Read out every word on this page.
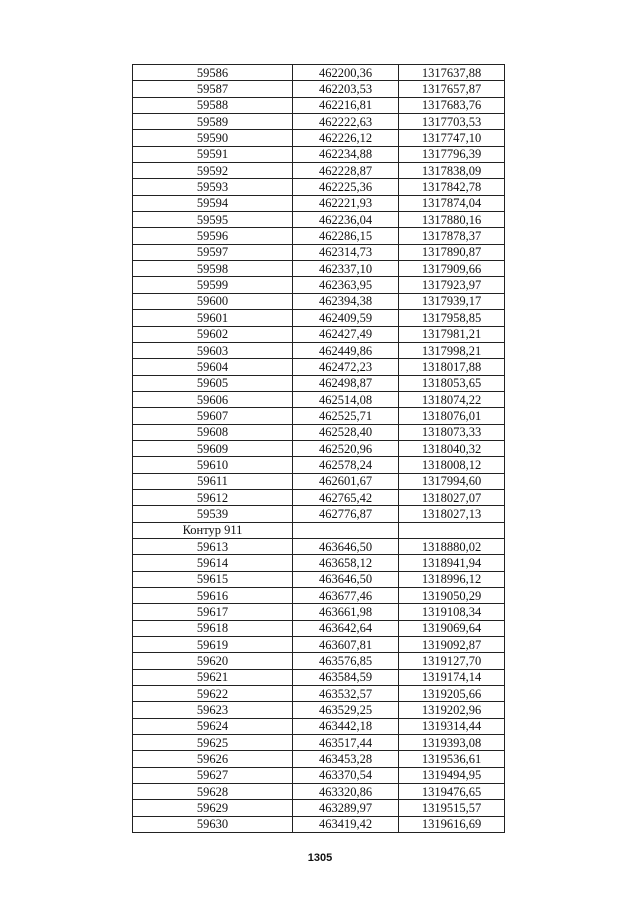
59586	462200,36	1317637,88
59587	462203,53	1317657,87
59588	462216,81	1317683,76
59589	462222,63	1317703,53
59590	462226,12	1317747,10
59591	462234,88	1317796,39
59592	462228,87	1317838,09
59593	462225,36	1317842,78
59594	462221,93	1317874,04
59595	462236,04	1317880,16
59596	462286,15	1317878,37
59597	462314,73	1317890,87
59598	462337,10	1317909,66
59599	462363,95	1317923,97
59600	462394,38	1317939,17
59601	462409,59	1317958,85
59602	462427,49	1317981,21
59603	462449,86	1317998,21
59604	462472,23	1318017,88
59605	462498,87	1318053,65
59606	462514,08	1318074,22
59607	462525,71	1318076,01
59608	462528,40	1318073,33
59609	462520,96	1318040,32
59610	462578,24	1318008,12
59611	462601,67	1317994,60
59612	462765,42	1318027,07
59539	462776,87	1318027,13
Контур 911		
59613	463646,50	1318880,02
59614	463658,12	1318941,94
59615	463646,50	1318996,12
59616	463677,46	1319050,29
59617	463661,98	1319108,34
59618	463642,64	1319069,64
59619	463607,81	1319092,87
59620	463576,85	1319127,70
59621	463584,59	1319174,14
59622	463532,57	1319205,66
59623	463529,25	1319202,96
59624	463442,18	1319314,44
59625	463517,44	1319393,08
59626	463453,28	1319536,61
59627	463370,54	1319494,95
59628	463320,86	1319476,65
59629	463289,97	1319515,57
59630	463419,42	1319616,69
1305
